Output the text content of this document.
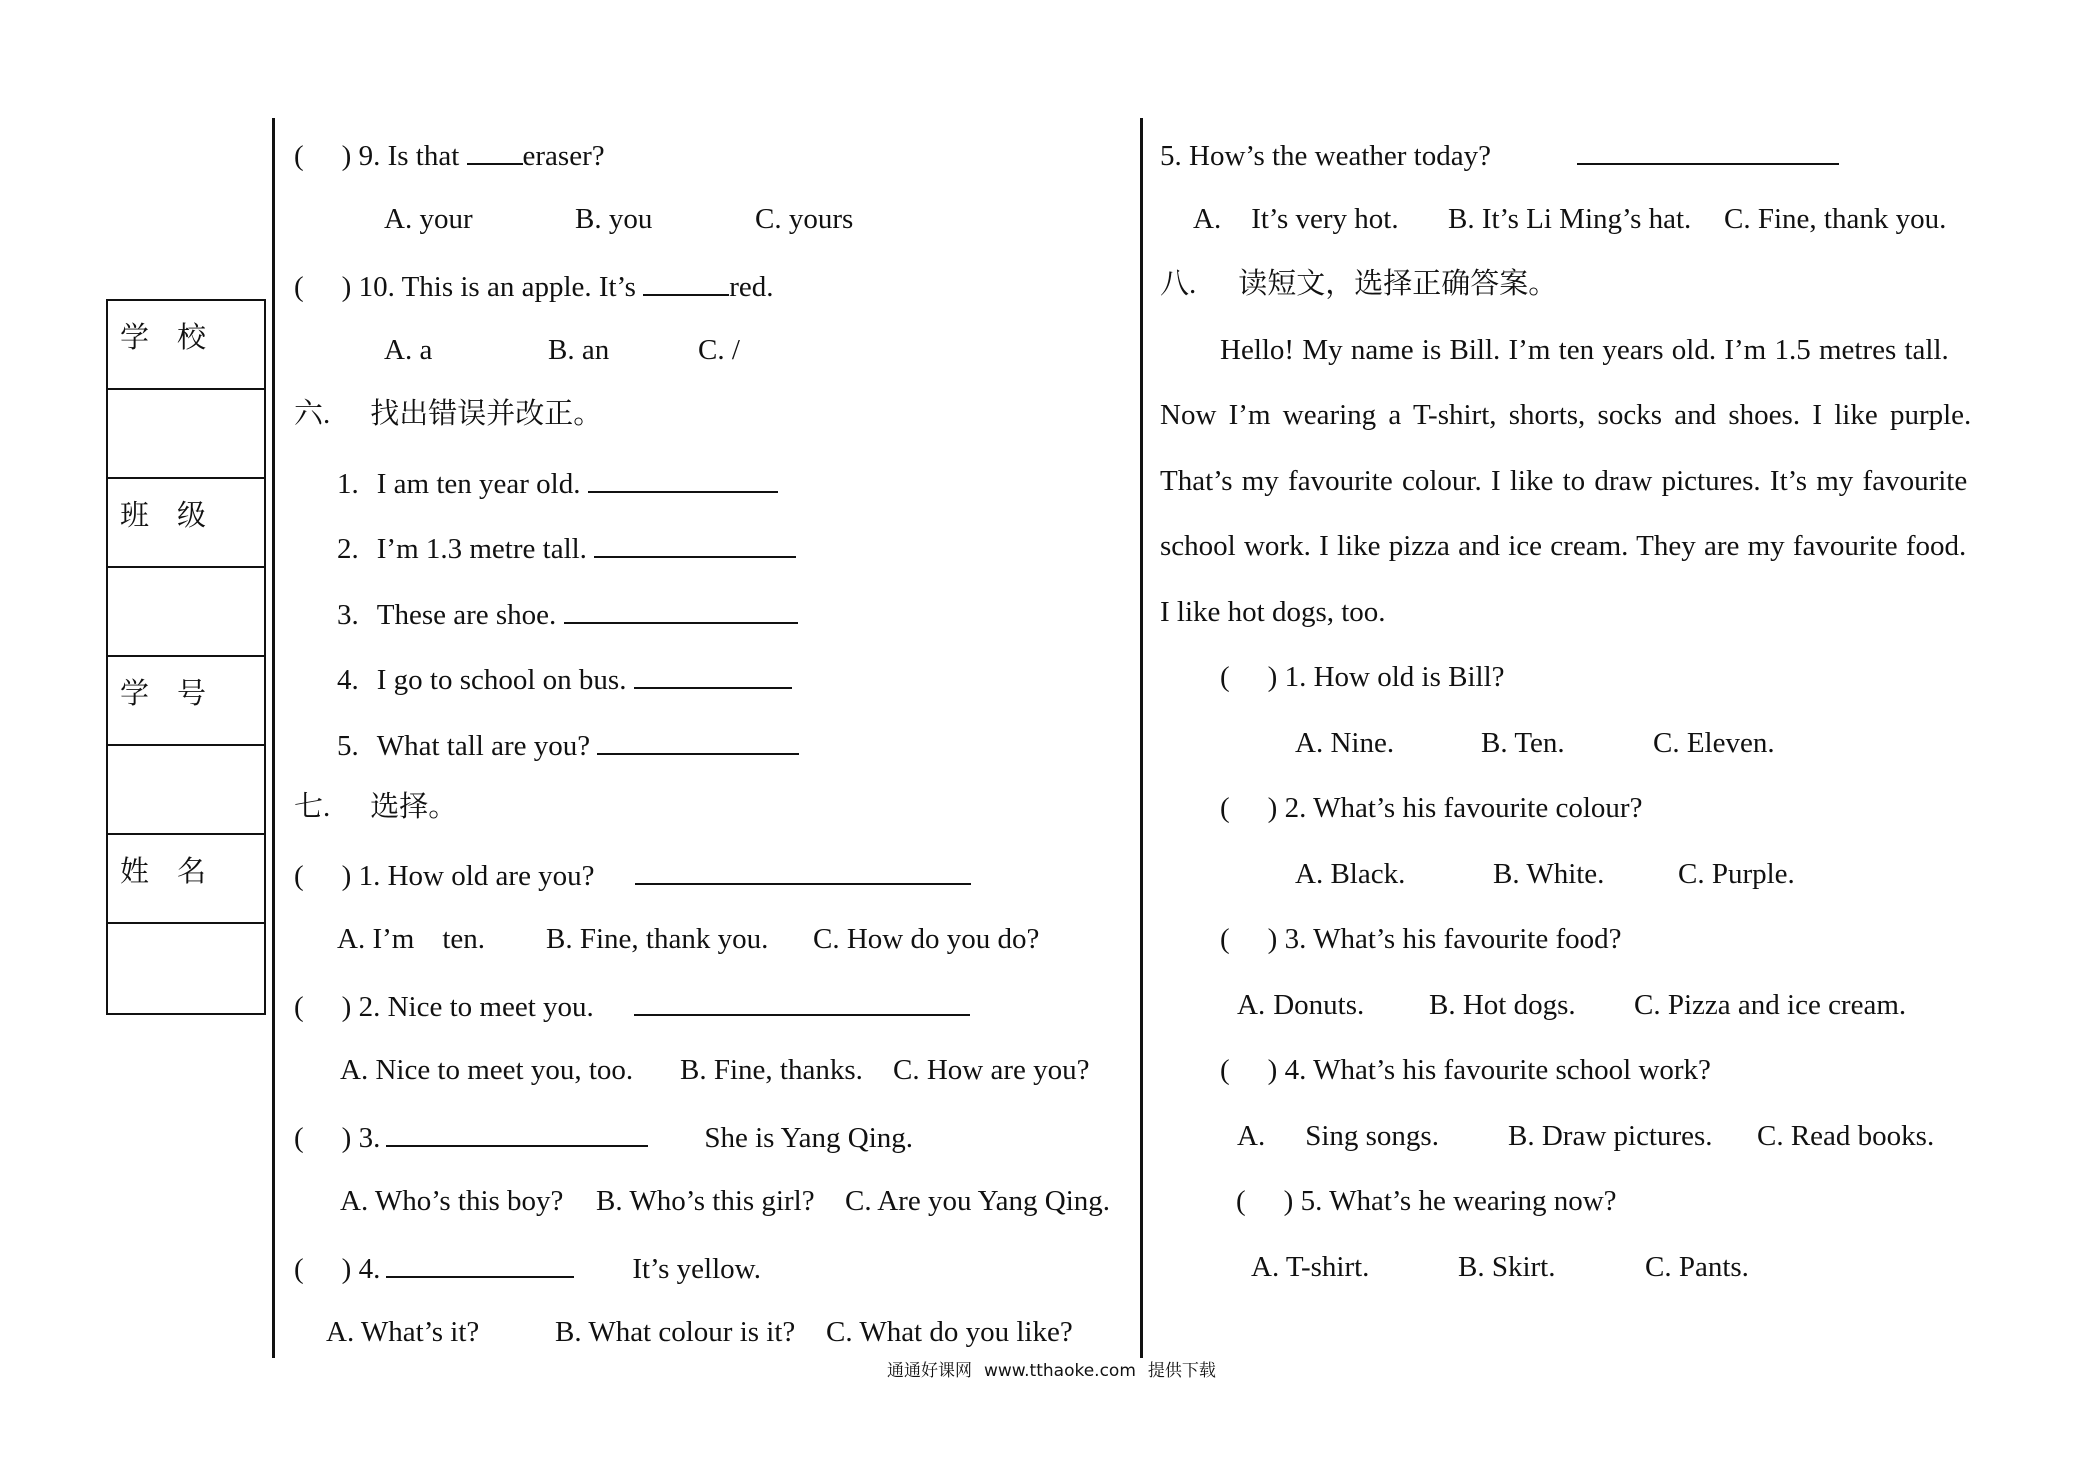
学校
班级
学号
姓名
( ) 9. Is that eraser?
A. your	B. you	C. yours
( ) 10. This is an apple. It’s	red.
A. a	B. an	C. /
六. 找出错误并改正。
1. I am ten year old.
2. I’m 1.3 metre tall.
3. These are shoe.
4. I go to school on bus.
5. What tall are you?
七. 选择。
( ) 1. How old are you?
A. I’m ten. B. Fine, thank you. C. How do you do?
( ) 2. Nice to meet you.
A. Nice to meet you, too. B. Fine, thanks. C. How are you?
( ) 3.	She is Yang Qing.
A. Who’s this boy? B. Who’s this girl? C. Are you Yang Qing.
( ) 4.	It’s yellow.
A. What’s it?	B. What colour is it? C. What do you like?
5. How’s the weather today?
A. It’s very hot. B. It’s Li Ming’s hat. C. Fine, thank you.
八. 读短文，选择正确答案。
Hello! My name is Bill. I’m ten years old. I’m 1.5 metres tall.
Now I’m wearing a T-shirt, shorts, socks and shoes. I like purple.
That’s my favourite colour. I like to draw pictures. It’s my favourite
school work. I like pizza and ice cream. They are my favourite food.
I like hot dogs, too.
( ) 1. How old is Bill?
A. Nine.	B. Ten.	C. Eleven.
( ) 2. What’s his favourite colour?
A. Black.	B. White.	C. Purple.
( ) 3. What’s his favourite food?
A. Donuts. B. Hot dogs. C. Pizza and ice cream.
( ) 4. What’s his favourite school work?
A. Sing songs. B. Draw pictures. C. Read books.
( ) 5. What’s he wearing now?
A. T-shirt.	B. Skirt.	C. Pants.
通通好课网 www.tthaoke.com 提供下载
